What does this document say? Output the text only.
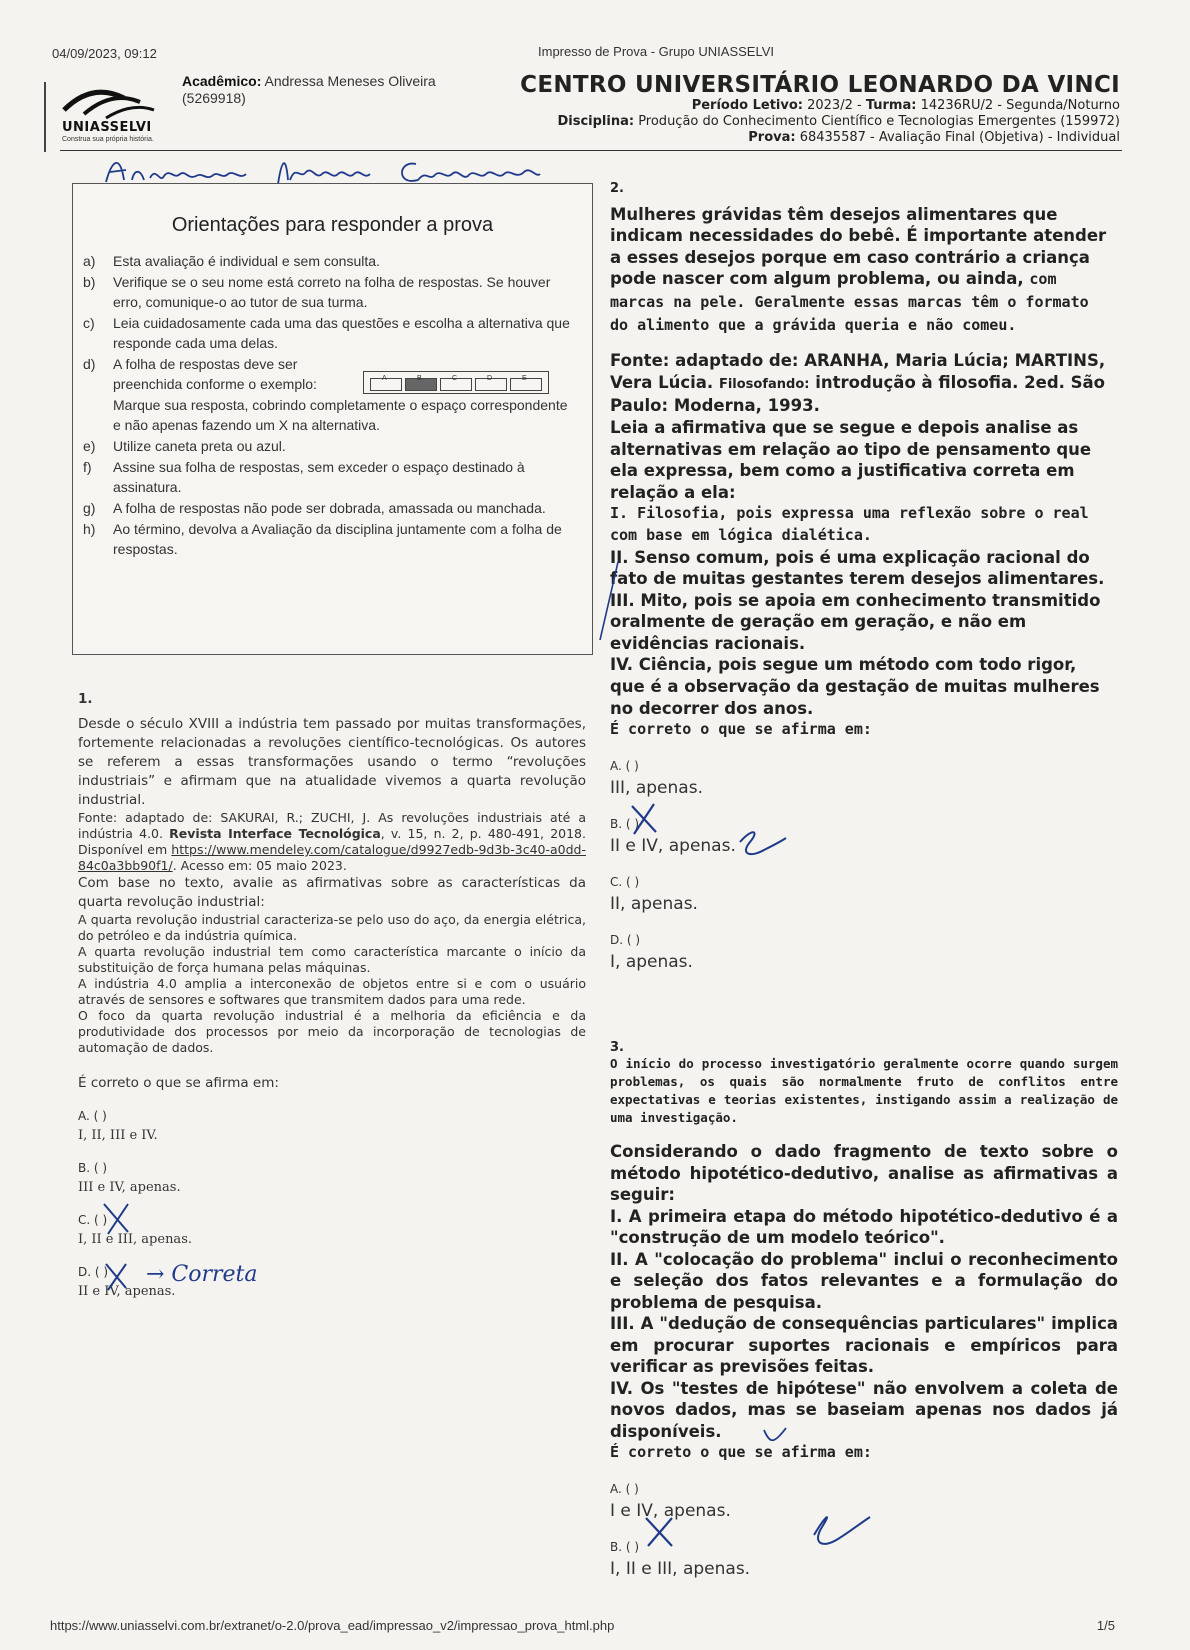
04/09/2023, 09:12	Impresso de Prova - Grupo UNIASSELVI
UNIASSELVI
Construa sua própria história.
Acadêmico: Andressa Meneses Oliveira
(5269918)	CENTRO UNIVERSITÁRIO LEONARDO DA VINCI
Período Letivo: 2023/2 - Turma: 14236RU/2 - Segunda/Noturno
Disciplina: Produção do Conhecimento Científico e Tecnologias Emergentes (159972)
Prova: 68435587 - Avaliação Final (Objetiva) - Individual
Orientações para responder a prova
a)	Esta avaliação é individual e sem consulta.
b)	Verifique se o seu nome está correto na folha de respostas. Se houver erro, comunique-o ao tutor de sua turma.
c)	Leia cuidadosamente cada uma das questões e escolha a alternativa que responde cada uma delas.
d)	A folha de respostas deve ser preenchida conforme o exemplo:	A	B	C	D	E
Marque sua resposta, cobrindo completamente o espaço correspondente e não apenas fazendo um X na alternativa.
e)	Utilize caneta preta ou azul.
f)	Assine sua folha de respostas, sem exceder o espaço destinado à assinatura.
g)	A folha de respostas não pode ser dobrada, amassada ou manchada.
h)	Ao término, devolva a Avaliação da disciplina juntamente com a folha de respostas.
1.
Desde o século XVIII a indústria tem passado por muitas transformações, fortemente relacionadas a revoluções científico-tecnológicas. Os autores se referem a essas transformações usando o termo “revoluções industriais” e afirmam que na atualidade vivemos a quarta revolução industrial.
Fonte: adaptado de: SAKURAI, R.; ZUCHI, J. As revoluções industriais até a indústria 4.0. Revista Interface Tecnológica, v. 15, n. 2, p. 480-491, 2018. Disponível em https://www.mendeley.com/catalogue/d9927edb-9d3b-3c40-a0dd-84c0a3bb90f1/. Acesso em: 05 maio 2023.
Com base no texto, avalie as afirmativas sobre as características da quarta revolução industrial:
A quarta revolução industrial caracteriza-se pelo uso do aço, da energia elétrica, do petróleo e da indústria química.
A quarta revolução industrial tem como característica marcante o início da substituição de força humana pelas máquinas.
A indústria 4.0 amplia a interconexão de objetos entre si e com o usuário através de sensores e softwares que transmitem dados para uma rede.
O foco da quarta revolução industrial é a melhoria da eficiência e da produtividade dos processos por meio da incorporação de tecnologias de automação de dados.
É correto o que se afirma em:
A. ( )
I, II, III e IV.
B. ( )
III e IV, apenas.
C. ( )
I, II e III, apenas.
D. ( )
II e IV, apenas.
→ Correta
2.
Mulheres grávidas têm desejos alimentares que indicam necessidades do bebê. É importante atender a esses desejos porque em caso contrário a criança pode nascer com algum problema, ou ainda, com marcas na pele. Geralmente essas marcas têm o formato do alimento que a grávida queria e não comeu.
Fonte: adaptado de: ARANHA, Maria Lúcia; MARTINS, Vera Lúcia. Filosofando: introdução à filosofia. 2ed. São Paulo: Moderna, 1993.
Leia a afirmativa que se segue e depois analise as alternativas em relação ao tipo de pensamento que ela expressa, bem como a justificativa correta em relação a ela:
I. Filosofia, pois expressa uma reflexão sobre o real com base em lógica dialética.
II. Senso comum, pois é uma explicação racional do fato de muitas gestantes terem desejos alimentares.
III. Mito, pois se apoia em conhecimento transmitido oralmente de geração em geração, e não em evidências racionais.
IV. Ciência, pois segue um método com todo rigor, que é a observação da gestação de muitas mulheres no decorrer dos anos.
É correto o que se afirma em:
A. ( )
III, apenas.
B. ( )
II e IV, apenas.
C. ( )
II, apenas.
D. ( )
I, apenas.
3.
O início do processo investigatório geralmente ocorre quando surgem problemas, os quais são normalmente fruto de conflitos entre expectativas e teorias existentes, instigando assim a realização de uma investigação.
Considerando o dado fragmento de texto sobre o método hipotético-dedutivo, analise as afirmativas a seguir:
I. A primeira etapa do método hipotético-dedutivo é a "construção de um modelo teórico".
II. A "colocação do problema" inclui o reconhecimento e seleção dos fatos relevantes e a formulação do problema de pesquisa.
III. A "dedução de consequências particulares" implica em procurar suportes racionais e empíricos para verificar as previsões feitas.
IV. Os "testes de hipótese" não envolvem a coleta de novos dados, mas se baseiam apenas nos dados já disponíveis.
É correto o que se afirma em:
A. ( )
I e IV, apenas.
B. ( )
I, II e III, apenas.
https://www.uniasselvi.com.br/extranet/o-2.0/prova_ead/impressao_v2/impressao_prova_html.php	1/5
